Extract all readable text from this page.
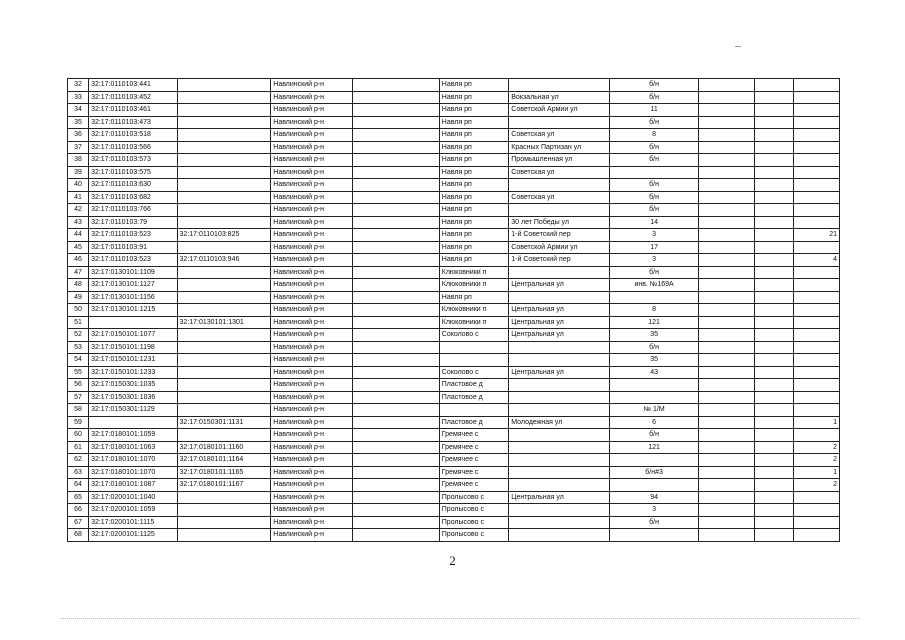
32	32:17:0110103:441		Навлинский р-н		Навля рп		б/н			
33	32:17:0110103:452		Навлинский р-н		Навля рп	Вокзальная ул	б/н			
34	32:17:0110103:461		Навлинский р-н		Навля рп	Советской Армии ул	11			
35	32:17:0110103:473		Навлинский р-н		Навля рп		б/н			
36	32:17:0110103:518		Навлинский р-н		Навля рп	Советская ул	8			
37	32:17:0110103:566		Навлинский р-н		Навля рп	Красных Партизан ул	б/н			
38	32:17:0110103:573		Навлинский р-н		Навля рп	Промышленная ул	б/н			
39	32:17:0110103:575		Навлинский р-н		Навля рп	Советская ул				
40	32:17:0110103:630		Навлинский р-н		Навля рп		б/н			
41	32:17:0110103:682		Навлинский р-н		Навля рп	Советская ул	б/н			
42	32:17:0110103:766		Навлинский р-н		Навля рп		б/н			
43	32:17:0110103:79		Навлинский р-н		Навля рп	30 лет Победы ул	14			
44	32:17:0110103:523	32:17:0110103:825	Навлинский р-н		Навля рп	1-й Советский пер	3			21
45	32:17:0110103:91		Навлинский р-н		Навля рп	Советской Армии ул	17			
46	32:17:0110103:523	32:17:0110103:946	Навлинский р-н		Навля рп	1-й Советский пер	3			4
47	32:17:0130101:1109		Навлинский р-н		Клюковники п		б/н			
48	32:17:0130101:1127		Навлинский р-н		Клюковники п	Центральная ул	инв. №169А			
49	32:17:0130101:1156		Навлинский р-н		Навля рп					
50	32:17:0130101:1215		Навлинский р-н		Клюковники п	Центральная ул	8			
51		32:17:0130101:1301	Навлинский р-н		Клюковники п	Центральная ул	121			
52	32:17:0150101:1077		Навлинский р-н		Соколово с	Центральная ул	35			
53	32:17:0150101:1198		Навлинский р-н				б/н			
54	32:17:0150101:1231		Навлинский р-н				35			
55	32:17:0150101:1233		Навлинский р-н		Соколово с	Центральная ул	43			
56	32:17:0150301:1035		Навлинский р-н		Пластовое д					
57	32:17:0150301:1036		Навлинский р-н		Пластовое д					
58	32:17:0150301:1129		Навлинский р-н				№ 1/М			
59		32:17:0150301:1131	Навлинский р-н		Пластовое д	Молодежная ул	6			1
60	32:17:0180101:1059		Навлинский р-н		Гремячее с		б/н			
61	32:17:0180101:1063	32:17:0180101:1160	Навлинский р-н		Гремячее с		121			2
62	32:17:0180101:1070	32:17:0180101:1164	Навлинский р-н		Гремячее с					2
63	32:17:0180101:1070	32:17:0180101:1165	Навлинский р-н		Гремячее с		б/н#3			1
64	32:17:0180101:1087	32:17:0180101:1167	Навлинский р-н		Гремячее с					2
65	32:17:0200101:1040		Навлинский р-н		Пролысово с	Центральная ул	94			
66	32:17:0200101:1059		Навлинский р-н		Пролысово с		3			
67	32:17:0200101:1115		Навлинский р-н		Пролысово с		б/н			
68	32:17:0200101:1125		Навлинский р-н		Пролысово с					
2
